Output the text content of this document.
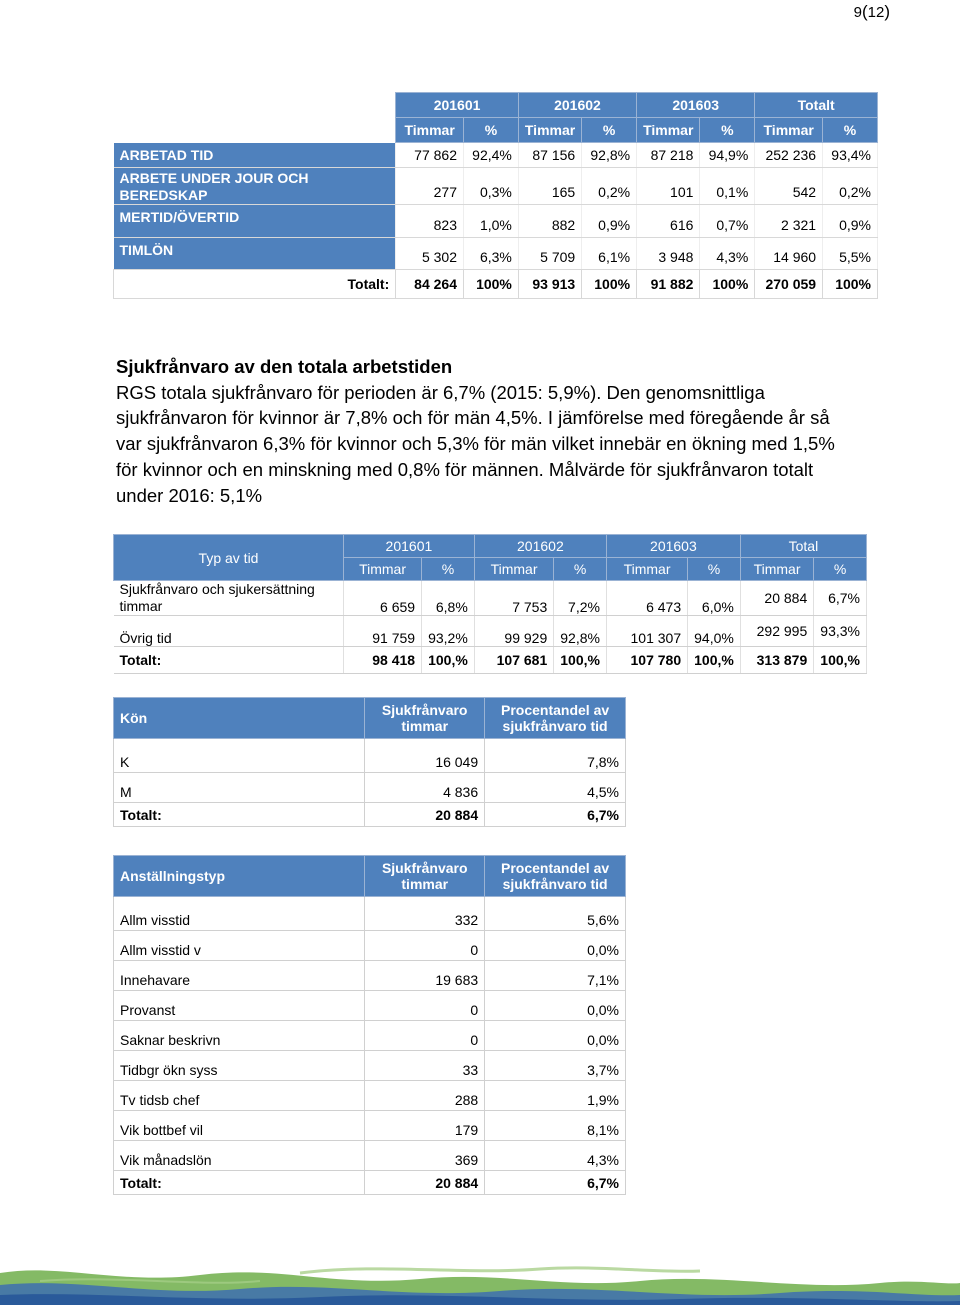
9(12)
	201601		201602		201603		Totalt	
	Timmar	%	Timmar	%	Timmar	%	Timmar	%
ARBETAD TID	77 862	92,4%	87 156	92,8%	87 218	94,9%	252 236	93,4%
ARBETE UNDER JOUR OCH BEREDSKAP	277	0,3%	165	0,2%	101	0,1%	542	0,2%
MERTID/ÖVERTID	823	1,0%	882	0,9%	616	0,7%	2 321	0,9%
TIMLÖN	5 302	6,3%	5 709	6,1%	3 948	4,3%	14 960	5,5%
Totalt:	84 264	100%	93 913	100%	91 882	100%	270 059	100%
Sjukfrånvaro av den totala arbetstiden
RGS totala sjukfrånvaro för perioden är 6,7% (2015: 5,9%). Den genomsnittliga sjukfrånvaron för kvinnor är 7,8% och för män 4,5%. I jämförelse med föregående år så var sjukfrånvaron 6,3% för kvinnor och 5,3% för män vilket innebär en ökning med 1,5% för kvinnor och en minskning med 0,8% för männen. Målvärde för sjukfrånvaron totalt under 2016: 5,1%
Typ av tid	201601		201602		201603		Total	
	Timmar	%	Timmar	%	Timmar	%	Timmar	%
Sjukfrånvaro och sjukersättning timmar	6 659	6,8%	7 753	7,2%	6 473	6,0%	20 884	6,7%
Övrig tid	91 759	93,2%	99 929	92,8%	101 307	94,0%	292 995	93,3%
Totalt:	98 418	100,%	107 681	100,%	107 780	100,%	313 879	100,%
Kön	Sjukfrånvaro timmar	Procentandel av sjukfrånvaro tid
K	16 049	7,8%
M	4 836	4,5%
Totalt:	20 884	6,7%
Anställningstyp	Sjukfrånvaro timmar	Procentandel av sjukfrånvaro tid
Allm visstid	332	5,6%
Allm visstid v	0	0,0%
Innehavare	19 683	7,1%
Provanst	0	0,0%
Saknar beskrivn	0	0,0%
Tidbgr ökn syss	33	3,7%
Tv tidsb chef	288	1,9%
Vik bottbef vil	179	8,1%
Vik månadslön	369	4,3%
Totalt:	20 884	6,7%
